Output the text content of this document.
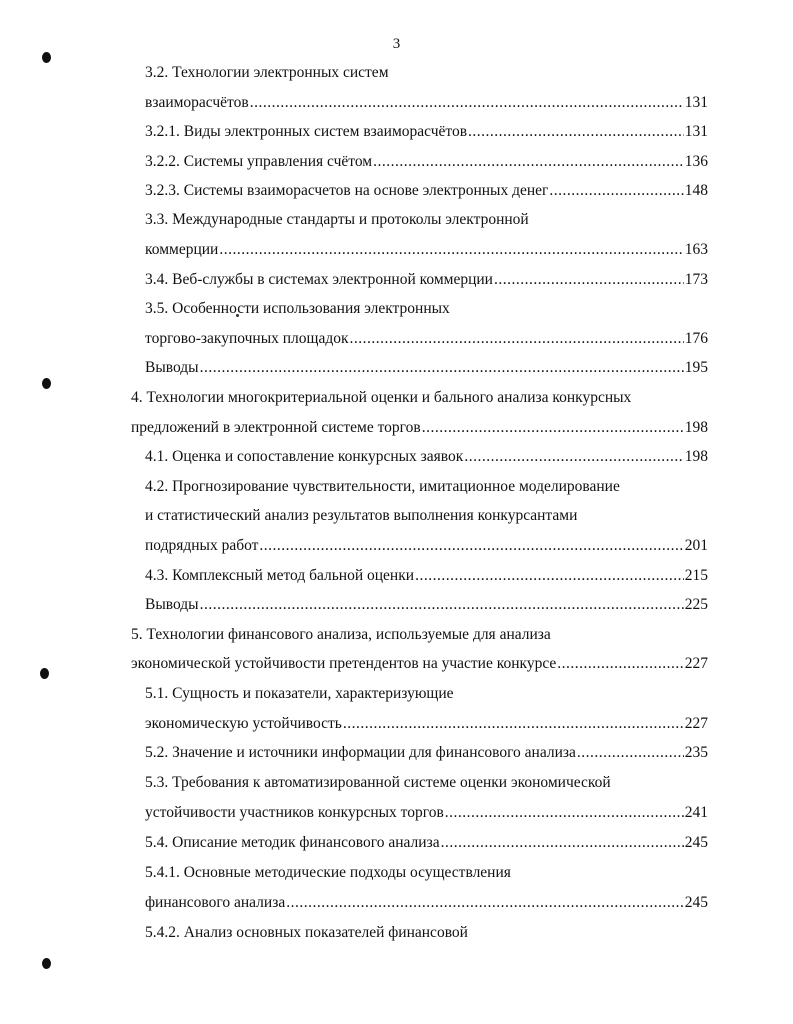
3
3.2. Технологии электронных систем
взаиморасчётов .....	131
3.2.1. Виды электронных систем взаиморасчётов .....	131
3.2.2. Системы управления счётом .....	136
3.2.3. Системы взаиморасчетов на основе электронных денег .....	148
3.3. Международные стандарты и протоколы электронной
коммерции .....	163
3.4. Веб-службы в системах электронной коммерции .....	173
3.5. Особенности использования электронных
торгово-закупочных площадок .....	176
Выводы .....	195
4. Технологии многокритериальной оценки и бального анализа конкурсных
предложений в электронной системе торгов .....	198
4.1. Оценка и сопоставление конкурсных заявок .....	198
4.2. Прогнозирование чувствительности, имитационное моделирование
и статистический анализ результатов выполнения конкурсантами
подрядных работ .....	201
4.3. Комплексный метод бальной оценки .....	215
Выводы .....	225
5. Технологии финансового анализа, используемые для анализа
экономической устойчивости претендентов на участие конкурсе .....	227
5.1. Сущность и показатели, характеризующие
экономическую устойчивость .....	227
5.2. Значение и источники информации для финансового анализа .....	235
5.3. Требования к автоматизированной системе оценки экономической
устойчивости участников конкурсных торгов .....	241
5.4. Описание методик финансового анализа .....	245
5.4.1. Основные методические подходы осуществления
финансового анализа .....	245
5.4.2. Анализ основных показателей финансовой
